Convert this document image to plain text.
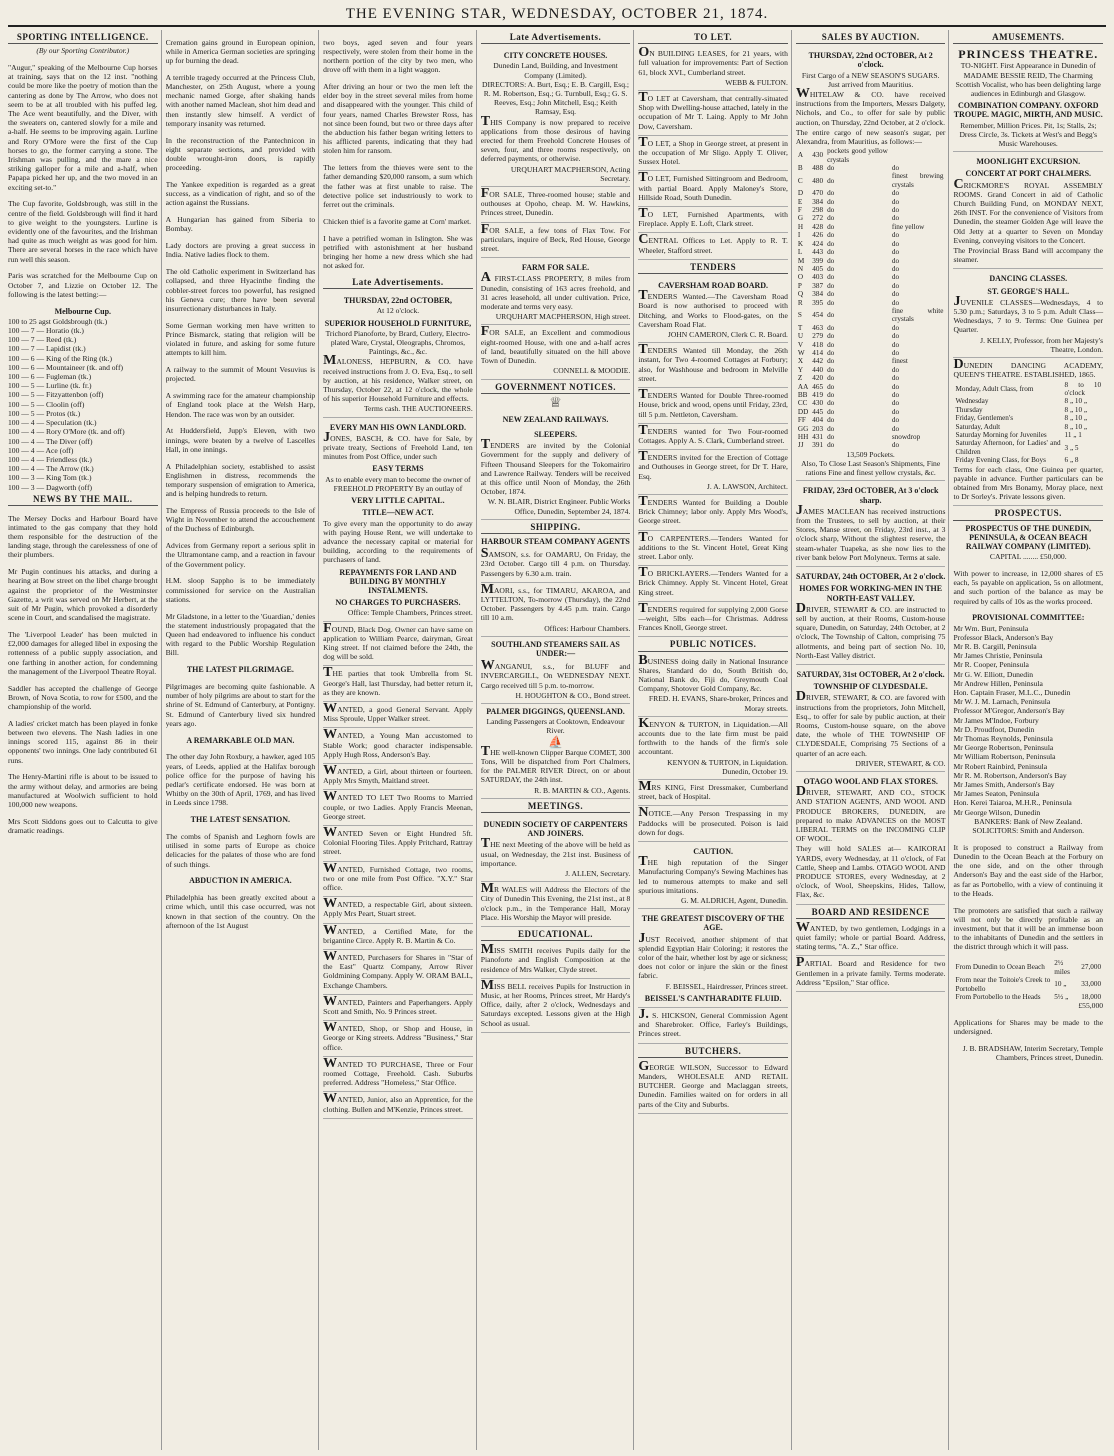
THE EVENING STAR, WEDNESDAY, OCTOBER 21, 1874.
SPORTING INTELLIGENCE.
(By our Sporting Contributor.)

"Augur," speaking of the Melbourne Cup horses at training, says that on the 12 inst. "nothing could be more like the poetry of motion than the cantering as done by The Arrow, who does not seem to be at all troubled with his puffed leg. The Ace went beautifully, and the Diver, with the sweaters on, cantered slowly for a mile and a-half. He seems to be improving again. Lurline and Rory O'More were the first of the Cup horses to go, the former carrying a stone. The Irishman was pulling, and the mare a nice striking galloper for a mile and a-half, when Papapa picked her up, and the two moved in an exciting set-to."

The Cup favorite, Goldsbrough, was still in the centre of the field. Goldsbrough will find it hard to give weight to the youngsters. Lurline is evidently one of the favourites, and the Irishman had quite as much weight as was good for him. There are several horses in the race which have run well this season.

Paris was scratched for the Melbourne Cup on October 7, and Lizzie on October 12. The following is the latest betting:—

Melbourne Cup.
100 to 25 agst Goldsbrough (tk.)
100 — 7 — Horatio (tk.)
100 — 7 — Reed (tk.)
100 — 7 — Lapidist (tk.)
100 — 6 — King of the Ring (tk.)
100 — 6 — Mountaineer (tk. and off)
100 — 6 — Fugleman (tk.)
100 — 5 — Lurline (tk. fr.)
100 — 5 — Fitzyattenbon (off)
100 — 5 — Cloolin (off)
100 — 5 — Protos (tk.)
100 — 4 — Speculation (tk.)
100 — 4 — Rory O'More (tk. and off)
100 — 4 — The Diver (off)
100 — 4 — Ace (off)
100 — 4 — Friendless (tk.)
100 — 4 — The Arrow (tk.)
100 — 3 — King Tom (tk.)
100 — 3 — Dagworth (off)
NEWS BY THE MAIL.

The Mersey Docks and Harbour Board have intimated to the gas company that they hold them responsible for the destruction of the landing stage, through the carelessness of one of their plumbers.

Mr Pugin continues his attacks, and during a hearing at Bow street on the libel charge brought against the proprietor of the Westminster Gazette, a writ was served on Mr Herbert, at the suit of Mr Pugin, which provoked a disorderly scene in Court, and scandalised the magistrate.

The 'Liverpool Leader' has been mulcted in £2,000 damages for alleged libel in exposing the rottenness of a public supply association, and one farthing in another action, for condemning the management of the Liverpool Theatre Royal.

Saddler has accepted the challenge of George Brown, of Nova Scotia, to row for £500, and the championship of the world.

A ladies' cricket match has been played in fonke between two elevens. The Nash ladies in one innings scored 115, against 86 in their opponents' two innings. One lady contributed 61 runs.

The Henry-Martini rifle is about to be issued to the army without delay, and armories are being manufactured at Woolwich sufficient to hold 100,000 new weapons.

Mrs Scott Siddons goes out to Calcutta to give dramatic readings.

Cremation gains ground in European opinion, while in America German societies are springing up for burning the dead.

A terrible tragedy occurred at the Princess Club, Manchester, on 25th August, where a young mechanic named Gorge, after shaking hands with another named Maclean, shot him dead and then instantly slew himself. A verdict of temporary insanity was returned.

In the reconstruction of the Pantechnicon in eight separate sections, and provided with double wrought-iron doors, is rapidly proceeding.

The Yankee expedition is regarded as a great success, as a vindication of right, and so of the action against the Russians.

A Hungarian has gained from Siberia to Bombay.

Lady doctors are proving a great success in India. Native ladies flock to them.

The old Catholic experiment in Switzerland has collapsed, and three Hyacinthe finding the cobbler-street forces too powerful, has resigned his Geneva cure; there have been several insurrectionary disturbances in Italy.

Some German working men have written to Prince Bismarck, stating that religion will be violated in future, and asking for some future attempts to kill him.

A railway to the summit of Mount Vesuvius is projected.

A swimming race for the amateur championship of England took place at the Welsh Harp, Hendon. The race was won by an outsider.

At Huddersfield, Jupp's Eleven, with two innings, were beaten by a twelve of Lascelles Hall, in one innings.

A Philadelphian society, established to assist Englishmen in distress, recommends the temporary suspension of emigration to America, and is helping hundreds to return.

The Empress of Russia proceeds to the Isle of Wight in November to attend the accouchement of the Duchess of Edinburgh.

Advices from Germany report a serious split in the Ultramontane camp, and a reaction in favour of the Government policy.

H.M. sloop Sappho is to be immediately commissioned for service on the Australian stations.

Mr Gladstone, in a letter to the 'Guardian,' denies the statement industriously propagated that the Queen had endeavored to influence his conduct with regard to the Public Worship Regulation Bill.

THE LATEST PILGRIMAGE.

Pilgrimages are becoming quite fashionable. A number of holy pilgrims are about to start for the shrine of St. Edmund of Canterbury, at Pontigny. St. Edmund of Canterbury lived six hundred years ago.

A REMARKABLE OLD MAN.

The other day John Roxbury, a hawker, aged 105 years, of Leeds, applied at the Halifax borough police office for the purpose of having his pedlar's certificate endorsed. He was born at Whitby on the 30th of April, 1769, and has lived in Leeds since 1798.

THE LATEST SENSATION.

The combs of Spanish and Leghorn fowls are utilised in some parts of Europe as choice delicacies for the palates of those who are fond of such things.

ABDUCTION IN AMERICA.

Philadelphia has been greatly excited about a crime which, until this case occurred, was not known in that section of the country. On the afternoon of the 1st August

two boys, aged seven and four years respectively, were stolen from their home in the northern portion of the city by two men, who drove off with them in a light waggon.

After driving an hour or two the men left the elder boy in the street several miles from home and disappeared with the younger. This child of four years, named Charles Brewster Ross, has not since been found, but two or three days after the abduction his father began writing letters to his afflicted parents, indicating that they had stolen him for ransom.

The letters from the thieves were sent to the father demanding $20,000 ransom, a sum which the father was at first unable to raise. The detective police set industriously to work to ferret out the criminals.

Chicken thief is a favorite game at Corn' market.

I have a petrified woman in Islington. She was petrified with astonishment at her husband bringing her home a new dress which she had not asked for.

Late Advertisements.
THURSDAY, 22nd OCTOBER,
At 12 o'clock.
SUPERIOR HOUSEHOLD FURNITURE,
Trichord Pianoforte, by Brard, Cutlery, Electro-plated Ware, Crystal, Oleographs, Chromos, Paintings, &c., &c.

MALONESS, HEPBURN, & CO. have received instructions from J. O. Eva, Esq., to sell by auction, at his residence, Walker street, on Thursday, October 22, at 12 o'clock, the whole of his superior Household Furniture and effects.

Terms cash. THE AUCTIONEERS.
EVERY MAN HIS OWN LANDLORD.

JONES, BASCH, & CO. have for Sale, by private treaty, Sections of Freehold Land, ten minutes from Post Office, under such

EASY TERMS
As to enable every man to become the owner of FREEHOLD PROPERTY By an outlay of
VERY LITTLE CAPITAL.
TITLE—NEW ACT.

To give every man the opportunity to do away with paying House Rent, we will undertake to advance the necessary capital or material for building, according to the requirements of purchasers of land.

REPAYMENTS FOR LAND AND BUILDING BY MONTHLY INSTALMENTS.
NO CHARGES TO PURCHASERS.
Office: Temple Chambers, Princes street.

FOUND, Black Dog. Owner can have same on application to William Pearce, dairyman, Great King street. If not claimed before the 24th, the dog will be sold.

THE parties that took Umbrella from St. George's Hall, last Thursday, had better return it, as they are known.

WANTED, a good General Servant. Apply Miss Sproule, Upper Walker street.

WANTED, a Young Man accustomed to Stable Work; good character indispensable. Apply Hugh Ross, Anderson's Bay.

WANTED, a Girl, about thirteen or fourteen. Apply Mrs Smyth, Maitland street.

WANTED TO LET Two Rooms to Married couple, or two Ladies. Apply Francis Meenan, George street.

WANTED Seven or Eight Hundred 5ft. Colonial Flooring Tiles. Apply Pritchard, Rattray street.

WANTED, Furnished Cottage, two rooms, two or one mile from Post Office. "X.Y." Star office.

WANTED, a respectable Girl, about sixteen. Apply Mrs Peart, Stuart street.

WANTED, a Certified Mate, for the brigantine Circe. Apply R. B. Martin & Co.

WANTED, Purchasers for Shares in "Star of the East" Quartz Company, Arrow River Goldmining Company. Apply W. ORAM BALL, Exchange Chambers.

WANTED, Painters and Paperhangers. Apply Scott and Smith, No. 9 Princes street.

WANTED, Shop, or Shop and House, in George or King streets. Address "Business," Star office.

WANTED TO PURCHASE, Three or Four roomed Cottage, Freehold. Cash. Suburbs preferred. Address "Homeless," Star Office.

WANTED, Junior, also an Apprentice, for the clothing. Bullen and M'Kenzie, Princes street.

Late Advertisements.
CITY CONCRETE HOUSES.
Dunedin Land, Building, and Investment Company (Limited).
DIRECTORS: A. Burt, Esq.; E. B. Cargill, Esq.; R. M. Robertson, Esq.; G. Turnbull, Esq.; G. S. Reeves, Esq.; John Mitchell, Esq.; Keith Ramsay, Esq.

THIS Company is now prepared to receive applications from those desirous of having erected for them Freehold Concrete Houses of seven, four, and three rooms respectively, on deferred payments, or otherwise.

URQUHART MACPHERSON, Acting Secretary.

FOR SALE, Three-roomed house; stable and outhouses at Opoho, cheap. M. W. Hawkins, Princes street, Dunedin.

FOR SALE, a few tons of Flax Tow. For particulars, inquire of Beck, Red House, George street.

FARM FOR SALE.

A FIRST-CLASS PROPERTY, 8 miles from Dunedin, consisting of 163 acres freehold, and 31 acres leasehold, all under cultivation. Price, moderate and terms very easy.

URQUHART MACPHERSON, High street.

FOR SALE, an Excellent and commodious eight-roomed House, with one and a-half acres of land, beautifully situated on the hill above Town of Dunedin.

CONNELL & MOODIE.
GOVERNMENT NOTICES.
♕
NEW ZEALAND RAILWAYS.
SLEEPERS.

TENDERS are invited by the Colonial Government for the supply and delivery of Fifteen Thousand Sleepers for the Tokomairiro and Lawrence Railway. Tenders will be received at this office until Noon of Monday, the 26th October, 1874.

W. N. BLAIR, District Engineer. Public Works Office, Dunedin, September 24, 1874.
SHIPPING.
HARBOUR STEAM COMPANY AGENTS

SAMSON, s.s. for OAMARU, On Friday, the 23rd October. Cargo till 4 p.m. on Thursday. Passengers by 6.30 a.m. train.

MAORI, s.s., for TIMARU, AKAROA, and LYTTELTON, To-morrow (Thursday), the 22nd October. Passengers by 4.45 p.m. train. Cargo till 10 a.m.

Offices: Harbour Chambers.
SOUTHLAND STEAMERS SAIL AS UNDER:—

WANGANUI, s.s., for BLUFF and INVERCARGILL, On WEDNESDAY NEXT. Cargo received till 5 p.m. to-morrow.

H. HOUGHTON & CO., Bond street.
PALMER DIGGINGS, QUEENSLAND.
Landing Passengers at Cooktown, Endeavour River.
⛵

THE well-known Clipper Barque COMET, 300 Tons, Will be dispatched from Port Chalmers, for the PALMER RIVER Direct, on or about SATURDAY, the 24th inst.

R. B. MARTIN & CO., Agents.
MEETINGS.
DUNEDIN SOCIETY OF CARPENTERS AND JOINERS.

THE next Meeting of the above will be held as usual, on Wednesday, the 21st inst. Business of importance.

J. ALLEN, Secretary.

MR WALES will Address the Electors of the City of Dunedin This Evening, the 21st inst., at 8 o'clock p.m., in the Temperance Hall, Moray Place. His Worship the Mayor will preside.

EDUCATIONAL.

MISS SMITH receives Pupils daily for the Pianoforte and English Composition at the residence of Mrs Walker, Clyde street.

MISS BELL receives Pupils for Instruction in Music, at her Rooms, Princes street, Mr Hardy's Office, daily, after 2 o'clock, Wednesdays and Saturdays excepted. Lessons given at the High School as usual.

TO LET.

ON BUILDING LEASES, for 21 years, with full valuation for improvements: Part of Section 61, block XVI., Cumberland street.

WEBB & FULTON.

TO LET at Caversham, that centrally-situated Shop with Dwelling-house attached, lately in the occupation of Mr T. Laing. Apply to Mr John Dow, Caversham.

TO LET, a Shop in George street, at present in the occupation of Mr Sligo. Apply T. Oliver, Sussex Hotel.

TO LET, Furnished Sittingroom and Bedroom, with partial Board. Apply Maloney's Store, Hillside Road, South Dunedin.

TO LET, Furnished Apartments, with Fireplace. Apply E. Loft, Clark street.

CENTRAL Offices to Let. Apply to R. T. Wheeler, Stafford street.

TENDERS
CAVERSHAM ROAD BOARD.

TENDERS Wanted.—The Caversham Road Board is now authorised to proceed with Ditching, and Works to Flood-gates, on the Caversham Road Flat.

JOHN CAMERON, Clerk C. R. Board.

TENDERS Wanted till Monday, the 26th instant, for Two 4-roomed Cottages at Forbury; also, for Washhouse and bedroom in Melville street.

TENDERS Wanted for Double Three-roomed House, brick and wood, opens until Friday, 23rd, till 5 p.m. Nettleton, Caversham.

TENDERS wanted for Two Four-roomed Cottages. Apply A. S. Clark, Cumberland street.

TENDERS invited for the Erection of Cottage and Outhouses in George street, for Dr T. Hare, Esq.

J. A. LAWSON, Architect.

TENDERS Wanted for Building a Double Brick Chimney; labor only. Apply Mrs Wood's, George street.

TO CARPENTERS.—Tenders Wanted for additions to the St. Vincent Hotel, Great King street. Labor only.

TO BRICKLAYERS.—Tenders Wanted for a Brick Chimney. Apply St. Vincent Hotel, Great King street.

TENDERS required for supplying 2,000 Gorse—weight, 5lbs each—for Christmas. Address Frances Knoll, George street.

PUBLIC NOTICES.

BUSINESS doing daily in National Insurance Shares, Standard do do, South British do, National Bank do, Fiji do, Greymouth Coal Company, Shotover Gold Company, &c.

FRED. H. EVANS, Share-broker, Princes and Moray streets.

KENYON & TURTON, in Liquidation.—All accounts due to the late firm must be paid forthwith to the hands of the firm's sole accountant.

KENYON & TURTON, in Liquidation. Dunedin, October 19.

MRS KING, First Dressmaker, Cumberland street, back of Hospital.

NOTICE.—Any Person Trespassing in my Paddocks will be prosecuted. Poison is laid down for dogs.

CAUTION.

THE high reputation of the Singer Manufacturing Company's Sewing Machines has led to numerous attempts to make and sell spurious imitations.

G. M. ALDRICH, Agent, Dunedin.
THE GREATEST DISCOVERY OF THE AGE.

JUST Received, another shipment of that splendid Egyptian Hair Coloring; it restores the color of the hair, whether lost by age or sickness; does not color or injure the skin or the finest fabric.

F. BEISSEL, Hairdresser, Princes street.
BEISSEL'S CANTHARADITE FLUID.

J. S. HICKSON, General Commission Agent and Sharebroker. Office, Farley's Buildings, Princes street.

BUTCHERS.

GEORGE WILSON, Successor to Edward Manders, WHOLESALE AND RETAIL BUTCHER. George and Maclaggan streets, Dunedin. Families waited on for orders in all parts of the City and Suburbs.

SALES BY AUCTION.
THURSDAY, 22nd OCTOBER, At 2 o'clock.
First Cargo of a NEW SEASON'S SUGARS. Just arrived from Mauritius.

WHITELAW & CO. have received instructions from the Importers, Messrs Dalgety, Nichols, and Co., to offer for sale by public auction, on Thursday, 22nd October, at 2 o'clock.

The entire cargo of new season's sugar, per Alexandra, from Mauritius, as follows:—

A	430	pockets good yellow crystals	
B	488	do	do
C	480	do	finest brewing crystals
D	470	do	do
E	384	do	do
F	298	do	do
G	272	do	do
H	428	do	fine yellow
I	426	do	do
K	424	do	do
L	443	do	do
M	399	do	do
N	405	do	do
O	403	do	do
P	387	do	do
Q	384	do	do
R	395	do	do
S	454	do	fine white crystals
T	463	do	do
U	279	do	do
V	418	do	do
W	414	do	do
X	442	do	finest
Y	440	do	do
Z	420	do	do
AA	465	do	do
BB	419	do	do
CC	430	do	do
DD	445	do	do
FF	404	do	do
GG	203	do	do
HH	431	do	snowdrop
JJ	391	do	do
13,509 Pockets.
Also, To Close Last Season's Shipments, Fine rations Fine and finest yellow crystals, &c.
FRIDAY, 23rd OCTOBER, At 3 o'clock sharp.

JAMES MACLEAN has received instructions from the Trustees, to sell by auction, at their Stores, Manse street, on Friday, 23rd inst., at 3 o'clock sharp, Without the slightest reserve, the steam-whaler Tuapeka, as she now lies to the river bank below Port Molyneux. Terms at sale.

SATURDAY, 24th OCTOBER, At 2 o'clock.
HOMES FOR WORKING-MEN IN THE NORTH-EAST VALLEY.

DRIVER, STEWART & CO. are instructed to sell by auction, at their Rooms, Custom-house square, Dunedin, on Saturday, 24th October, at 2 o'clock, The Township of Calton, comprising 75 allotments, and being part of section No. 10, North-East Valley district.

SATURDAY, 31st OCTOBER, At 2 o'clock.
TOWNSHIP OF CLYDESDALE.

DRIVER, STEWART, & CO. are favored with instructions from the proprietors, John Mitchell, Esq., to offer for sale by public auction, at their Rooms, Custom-house square, on the above date, the whole of THE TOWNSHIP OF CLYDESDALE, Comprising 75 Sections of a quarter of an acre each.

DRIVER, STEWART, & CO.
OTAGO WOOL AND FLAX STORES.

DRIVER, STEWART, AND CO., STOCK AND STATION AGENTS, AND WOOL AND PRODUCE BROKERS, DUNEDIN, are prepared to make ADVANCES on the MOST LIBERAL TERMS on the INCOMING CLIP OF WOOL.

They will hold SALES at— KAIKORAI YARDS, every Wednesday, at 11 o'clock, of Fat Cattle, Sheep and Lambs. OTAGO WOOL AND PRODUCE STORES, every Wednesday, at 2 o'clock, of Wool, Sheepskins, Hides, Tallow, Flax, &c.

BOARD AND RESIDENCE

WANTED, by two gentlemen, Lodgings in a quiet family; whole or partial Board. Address, stating terms, "A. Z.," Star office.

PARTIAL Board and Residence for two Gentlemen in a private family. Terms moderate. Address "Epsilon," Star office.

AMUSEMENTS.
PRINCESS THEATRE.
TO-NIGHT. First Appearance in Dunedin of MADAME BESSIE REID, The Charming Scottish Vocalist, who has been delighting large audiences in Edinburgh and Glasgow.
COMBINATION COMPANY. OXFORD TROUPE. MAGIC, MIRTH, AND MUSIC.
Remember, Million Prices. Pit, 1s; Stalls, 2s; Dress Circle, 3s. Tickets at West's and Begg's Music Warehouses.
MOONLIGHT EXCURSION.
CONCERT AT PORT CHALMERS.

CRICKMORE'S ROYAL ASSEMBLY ROOMS. Grand Concert in aid of Catholic Church Building Fund, on MONDAY NEXT, 26th INST. For the convenience of Visitors from Dunedin, the steamer Golden Age will leave the Old Jetty at a quarter to Seven on Monday Evening, conveying visitors to the Concert.

The Provincial Brass Band will accompany the steamer.

DANCING CLASSES.
ST. GEORGE'S HALL.

JUVENILE CLASSES—Wednesdays, 4 to 5.30 p.m.; Saturdays, 3 to 5 p.m. Adult Class—Wednesdays, 7 to 9. Terms: One Guinea per Quarter.

J. KELLY, Professor, from her Majesty's Theatre, London.

DUNEDIN DANCING ACADEMY, QUEEN'S THEATRE. ESTABLISHED, 1865.

Monday, Adult Class, from	8 to 10 o'clock
Wednesday	8 „ 10 „
Thursday	8 „ 10 „
Friday, Gentlemen's	8 „ 10 „
Saturday, Adult	8 „ 10 „
Saturday Morning for Juveniles	11 „ 1
Saturday Afternoon, for Ladies' and Children	3 „ 5
Friday Evening Class, for Boys	6 „ 8

Terms for each class, One Guinea per quarter, payable in advance. Further particulars can be obtained from Mrs Bonamy, Moray place, next to Dr Sorley's. Private lessons given.

PROSPECTUS.
PROSPECTUS OF THE DUNEDIN, PENINSULA, & OCEAN BEACH RAILWAY COMPANY (LIMITED).
CAPITAL ........ £50,000.

With power to increase, in 12,000 shares of £5 each, 5s payable on application, 5s on allotment, and such portion of the balance as may be required by calls of 10s as the works proceed.

PROVISIONAL COMMITTEE:
Mr Wm. Burt, Peninsula
Professor Black, Anderson's Bay
Mr R. B. Cargill, Peninsula
Mr James Christie, Peninsula
Mr R. Cooper, Peninsula
Mr G. W. Elliott, Dunedin
Mr Andrew Hillen, Peninsula
Hon. Captain Fraser, M.L.C., Dunedin
Mr W. J. M. Larnach, Peninsula
Professor M'Gregor, Anderson's Bay
Mr James M'Indoe, Forbury
Mr D. Proudfoot, Dunedin
Mr Thomas Reynolds, Peninsula
Mr George Robertson, Peninsula
Mr William Robertson, Peninsula
Mr Robert Rainbird, Peninsula
Mr R. M. Robertson, Anderson's Bay
Mr James Smith, Anderson's Bay
Mr James Seaton, Peninsula
Hon. Kerei Taiaroa, M.H.R., Peninsula
Mr George Wilson, Dunedin
BANKERS: Bank of New Zealand. SOLICITORS: Smith and Anderson.

It is proposed to construct a Railway from Dunedin to the Ocean Beach at the Forbury on the one side, and on the other through Anderson's Bay and the east side of the Harbor, as far as Portobello, with a view of continuing it to the Heads.

The promoters are satisfied that such a railway will not only be directly profitable as an investment, but that it will be an immense boon to the inhabitants of Dunedin and the settlers in the district through which it will pass.

From Dunedin to Ocean Beach	2½ miles	27,000
From near the Toitoie's Creek to Portobello	10 „	33,000
From Portobello to the Heads	5½ „	18,000
£55,000

Applications for Shares may be made to the undersigned.

J. B. BRADSHAW, Interim Secretary, Temple Chambers, Princes street, Dunedin.
